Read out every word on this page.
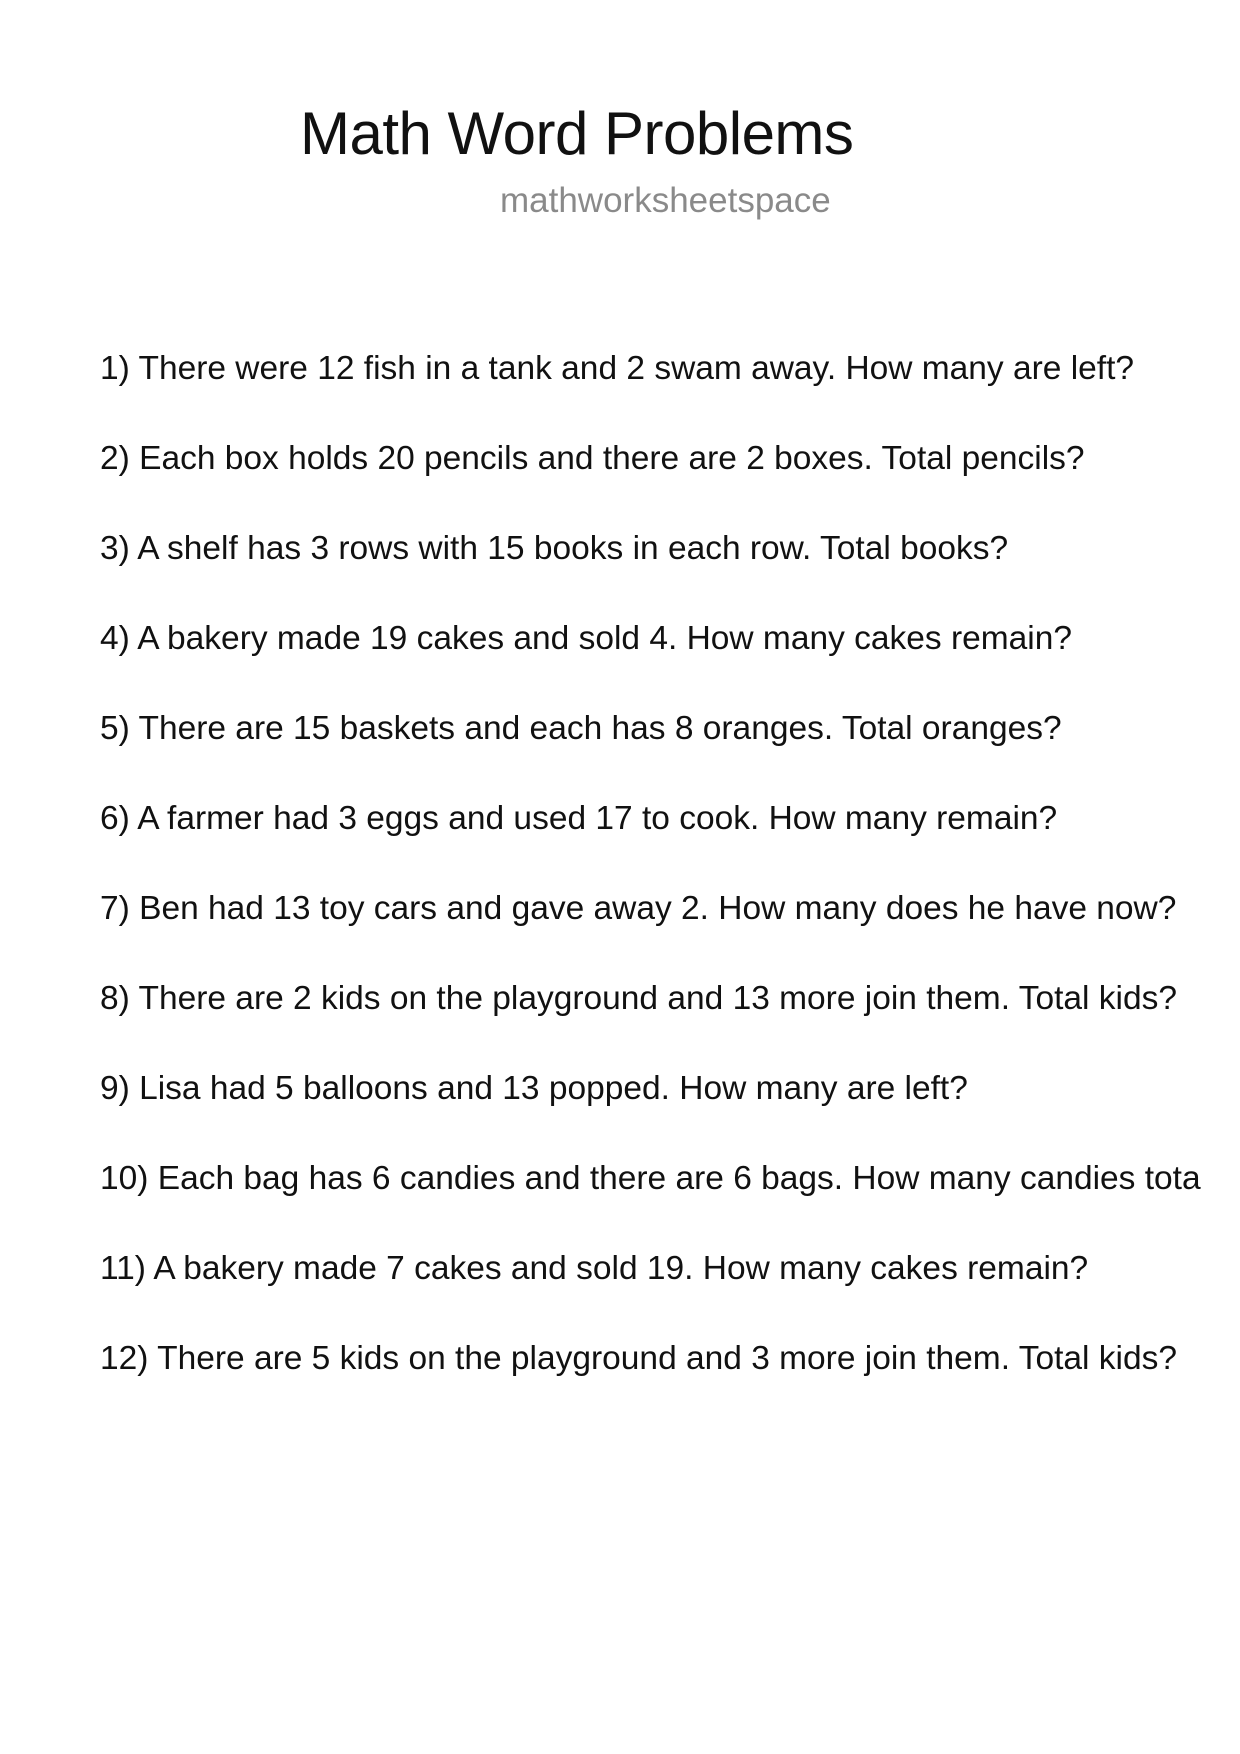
Math Word Problems
mathworksheetspace
1) There were 12 fish in a tank and 2 swam away. How many are left?
2) Each box holds 20 pencils and there are 2 boxes. Total pencils?
3) A shelf has 3 rows with 15 books in each row. Total books?
4) A bakery made 19 cakes and sold 4. How many cakes remain?
5) There are 15 baskets and each has 8 oranges. Total oranges?
6) A farmer had 3 eggs and used 17 to cook. How many remain?
7) Ben had 13 toy cars and gave away 2. How many does he have now?
8) There are 2 kids on the playground and 13 more join them. Total kids?
9) Lisa had 5 balloons and 13 popped. How many are left?
10) Each bag has 6 candies and there are 6 bags. How many candies tota
11) A bakery made 7 cakes and sold 19. How many cakes remain?
12) There are 5 kids on the playground and 3 more join them. Total kids?
